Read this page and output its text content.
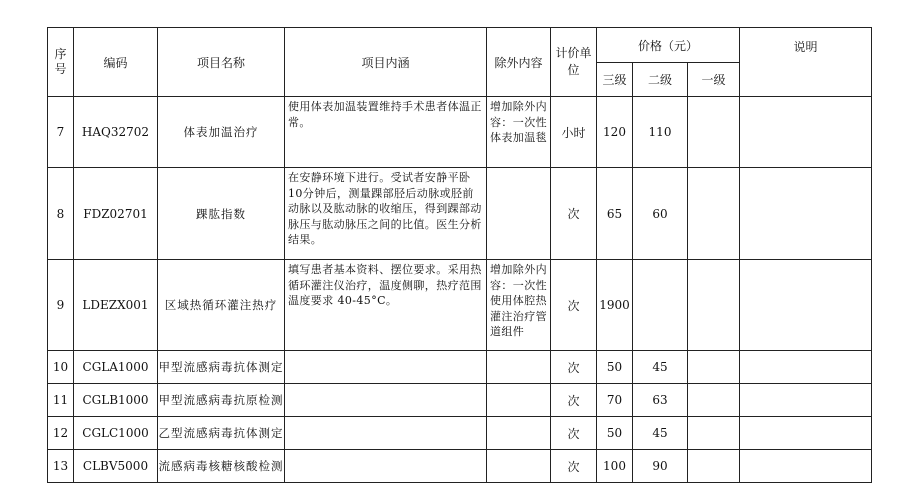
序号	编码	项目名称	项目内涵	除外内容	计价单位	价格（元）			说明
						三级	二级	一级	
7	HAQ32702	体表加温治疗	使用体表加温装置维持手术患者体温正常。	增加除外内容：一次性体表加温毯	小时	120	110		
8	FDZ02701	踝肱指数	在安静环境下进行。受试者安静平卧10分钟后，测量踝部胫后动脉或胫前动脉以及肱动脉的收缩压，得到踝部动脉压与肱动脉压之间的比值。医生分析结果。		次	65	60		
9	LDEZX001	区域热循环灌注热疗	填写患者基本资料、摆位要求。采用热循环灌注仪治疗，温度侧聊，热疗范围温度要求 40-45°C。	增加除外内容：一次性使用体腔热灌注治疗管道组件	次	1900			
10	CGLA1000	甲型流感病毒抗体测定			次	50	45		
11	CGLB1000	甲型流感病毒抗原检测			次	70	63		
12	CGLC1000	乙型流感病毒抗体测定			次	50	45		
13	CLBV5000	流感病毒核糖核酸检测			次	100	90		
